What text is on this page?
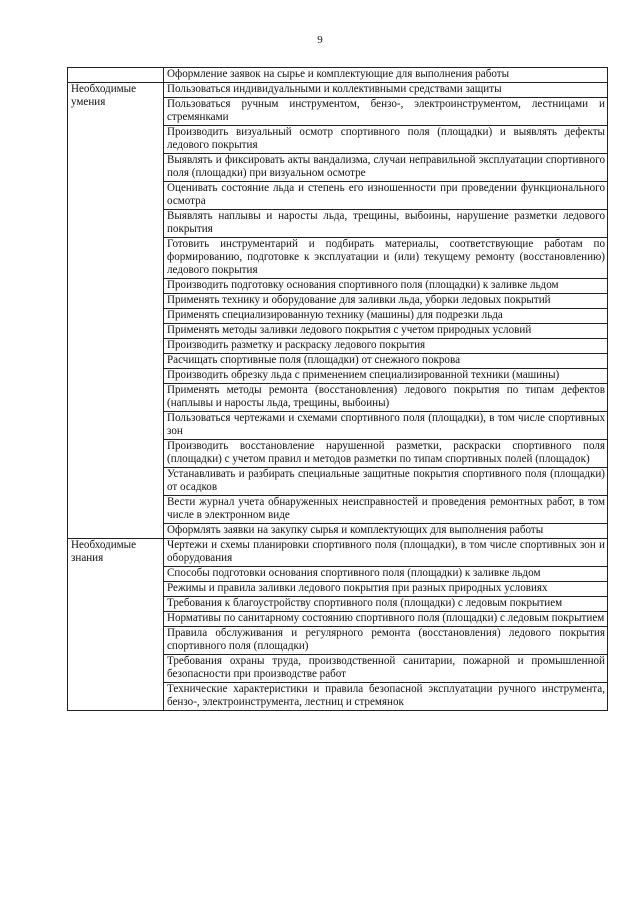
9
	Оформление заявок на сырье и комплектующие для выполнения работы

Необходимые умения	Пользоваться индивидуальными и коллективными средствами защиты
	Пользоваться ручным инструментом, бензо-, электроинструментом, лестницами и стремянками
	Производить визуальный осмотр спортивного поля (площадки) и выявлять дефекты ледового покрытия
	Выявлять и фиксировать акты вандализма, случаи неправильной эксплуатации спортивного поля (площадки) при визуальном осмотре
	Оценивать состояние льда и степень его изношенности при проведении функционального осмотра
	Выявлять наплывы и наросты льда, трещины, выбоины, нарушение разметки ледового покрытия
	Готовить инструментарий и подбирать материалы, соответствующие работам по формированию, подготовке к эксплуатации и (или) текущему ремонту (восстановлению) ледового покрытия
	Производить подготовку основания спортивного поля (площадки) к заливке льдом
	Применять технику и оборудование для заливки льда, уборки ледовых покрытий
	Применять специализированную технику (машины) для подрезки льда
	Применять методы заливки ледового покрытия с учетом природных условий
	Производить разметку и раскраску ледового покрытия
	Расчищать спортивные поля (площадки) от снежного покрова
	Производить обрезку льда с применением специализированной техники (машины)
	Применять методы ремонта (восстановления) ледового покрытия по типам дефектов (наплывы и наросты льда, трещины, выбоины)
	Пользоваться чертежами и схемами спортивного поля (площадки), в том числе спортивных зон
	Производить восстановление нарушенной разметки, раскраски спортивного поля (площадки) с учетом правил и методов разметки по типам спортивных полей (площадок)
	Устанавливать и разбирать специальные защитные покрытия спортивного поля (площадки) от осадков
	Вести журнал учета обнаруженных неисправностей и проведения ремонтных работ, в том числе в электронном виде
	Оформлять заявки на закупку сырья и комплектующих для выполнения работы

Необходимые знания	Чертежи и схемы планировки спортивного поля (площадки), в том числе спортивных зон и оборудования
	Способы подготовки основания спортивного поля (площадки) к заливке льдом
	Режимы и правила заливки ледового покрытия при разных природных условиях
	Требования к благоустройству спортивного поля (площадки) с ледовым покрытием
	Нормативы по санитарному состоянию спортивного поля (площадки) с ледовым покрытием
	Правила обслуживания и регулярного ремонта (восстановления) ледового покрытия спортивного поля (площадки)
	Требования охраны труда, производственной санитарии, пожарной и промышленной безопасности при производстве работ
	Технические характеристики и правила безопасной эксплуатации ручного инструмента, бензо-, электроинструмента, лестниц и стремянок
